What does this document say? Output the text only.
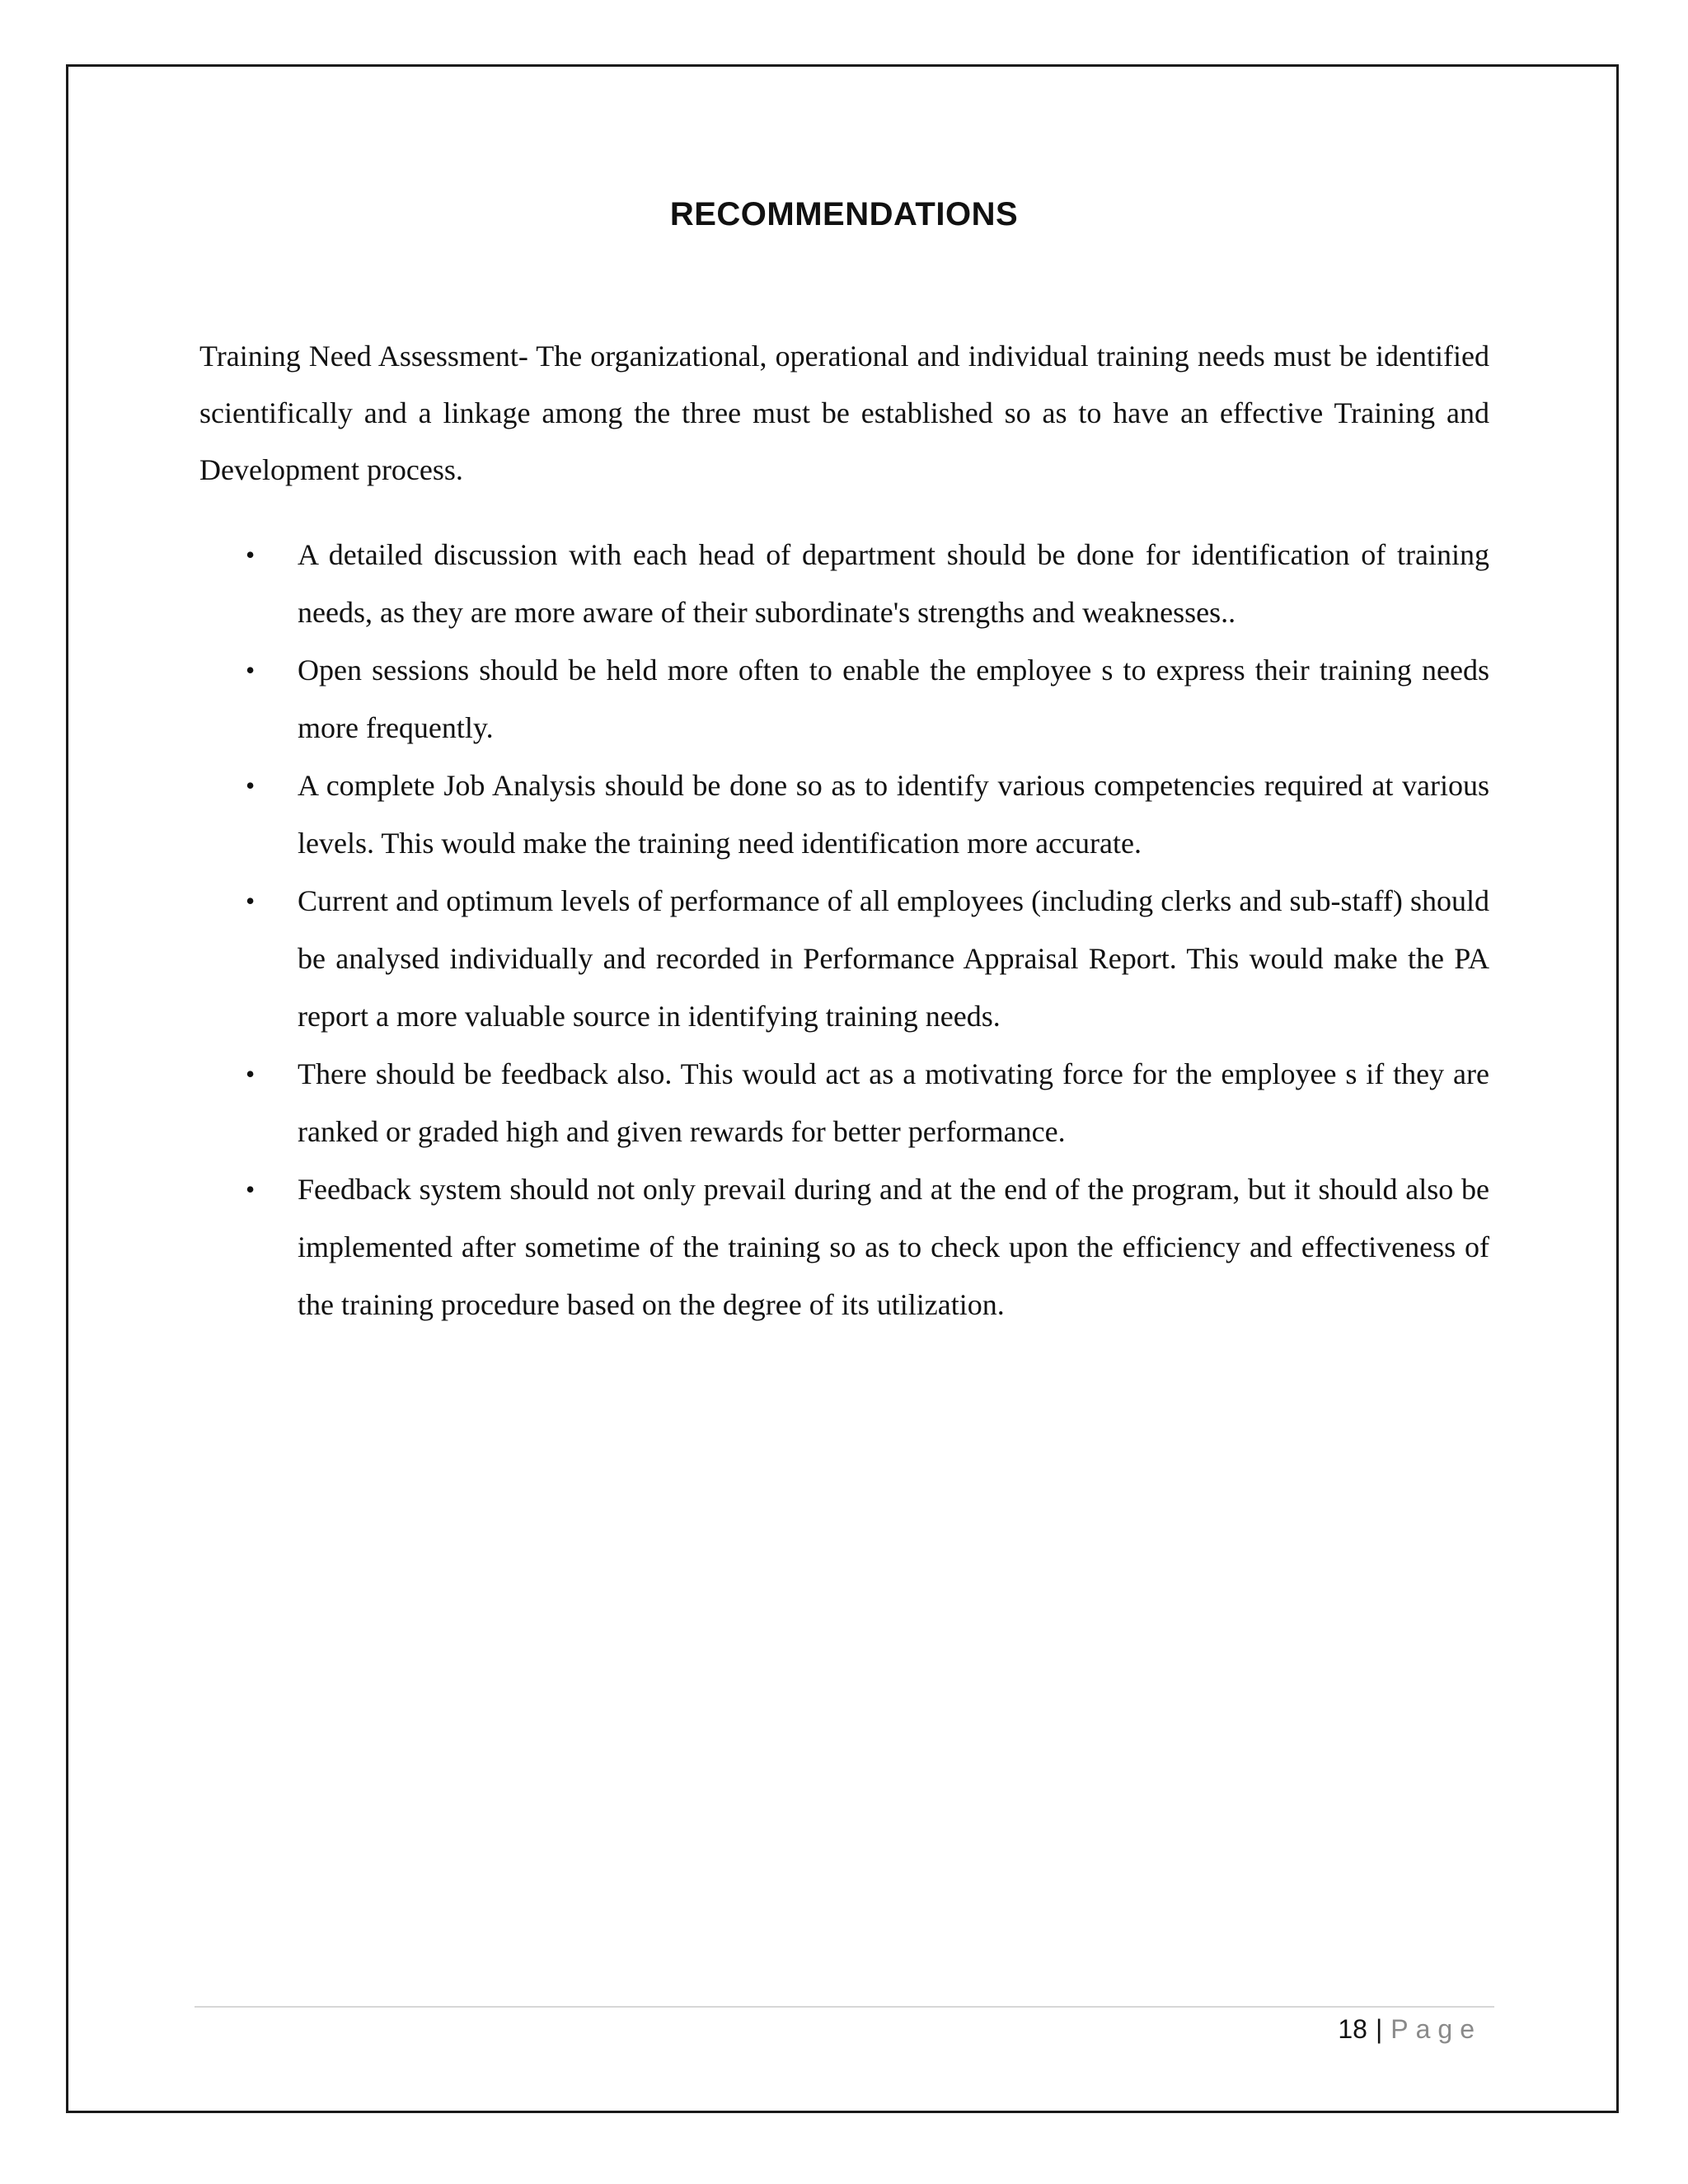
RECOMMENDATIONS

Training Need Assessment- The organizational, operational and individual training needs must be identified scientifically and a linkage among the three must be established so as to have an effective Training and Development process.

• A detailed discussion with each head of department should be done for identification of training needs, as they are more aware of their subordinate's strengths and weaknesses..
• Open sessions should be held more often to enable the employee s to express their training needs more frequently.
• A complete Job Analysis should be done so as to identify various competencies required at various levels. This would make the training need identification more accurate.
• Current and optimum levels of performance of all employees (including clerks and sub-staff) should be analysed individually and recorded in Performance Appraisal Report. This would make the PA report a more valuable source in identifying training needs.
• There should be feedback also. This would act as a motivating force for the employee s if they are ranked or graded high and given rewards for better performance.
• Feedback system should not only prevail during and at the end of the program, but it should also be implemented after sometime of the training so as to check upon the efficiency and effectiveness of the training procedure based on the degree of its utilization.
18 | Page
